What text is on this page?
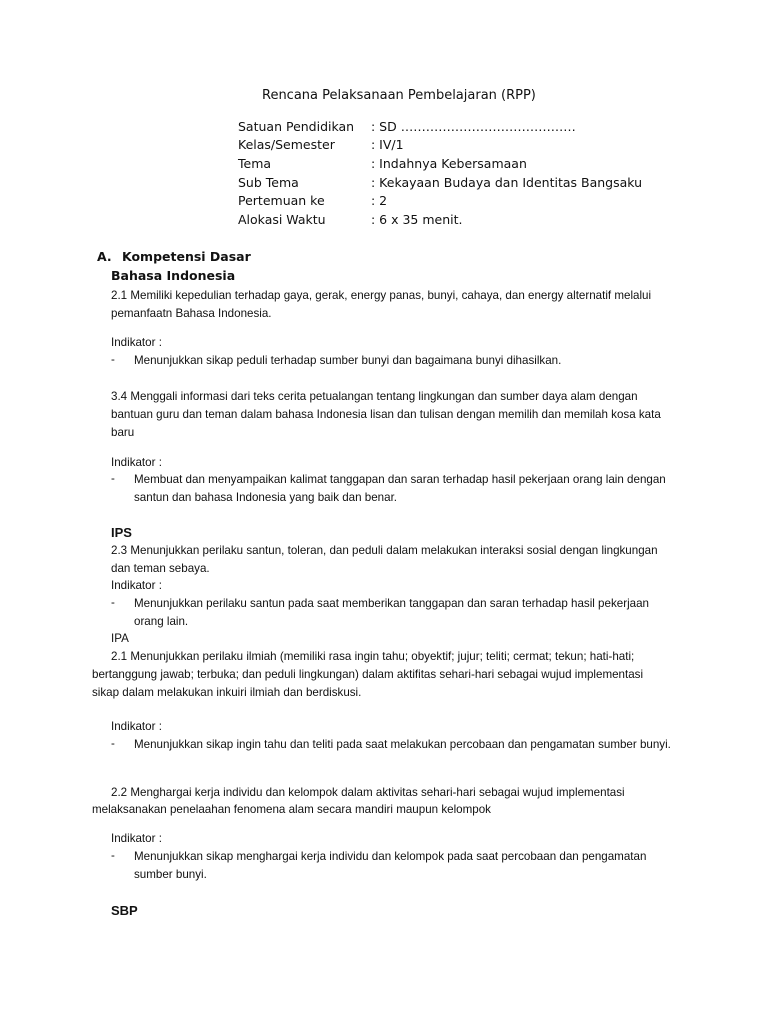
Rencana Pelaksanaan Pembelajaran (RPP)
Satuan Pendidikan : SD ……………………………………
Kelas/Semester	: IV/1
Tema	: Indahnya Kebersamaan
Sub Tema	: Kekayaan Budaya dan Identitas Bangsaku
Pertemuan ke	: 2
Alokasi Waktu	: 6 x 35 menit.
A. Kompetensi Dasar
Bahasa Indonesia
2.1 Memiliki kepedulian terhadap gaya, gerak, energy panas, bunyi, cahaya, dan energy alternatif melalui
pemanfaatn Bahasa Indonesia.
Indikator :
- Menunjukkan sikap peduli terhadap sumber bunyi dan bagaimana bunyi dihasilkan.
3.4 Menggali informasi dari teks cerita petualangan tentang lingkungan dan sumber daya alam dengan
bantuan guru dan teman dalam bahasa Indonesia lisan dan tulisan dengan memilih dan memilah kosa kata
baru
Indikator :
- Membuat dan menyampaikan kalimat tanggapan dan saran terhadap hasil pekerjaan orang lain dengan
santun dan bahasa Indonesia yang baik dan benar.
IPS
2.3 Menunjukkan perilaku santun, toleran, dan peduli dalam melakukan interaksi sosial dengan lingkungan
dan teman sebaya.
Indikator :
- Menunjukkan perilaku santun pada saat memberikan tanggapan dan saran terhadap hasil pekerjaan
orang lain.
IPA
2.1 Menunjukkan perilaku ilmiah (memiliki rasa ingin tahu; obyektif; jujur; teliti; cermat; tekun; hati-hati;
bertanggung jawab; terbuka; dan peduli lingkungan) dalam aktifitas sehari-hari sebagai wujud implementasi
sikap dalam melakukan inkuiri ilmiah dan berdiskusi.
Indikator :
- Menunjukkan sikap ingin tahu dan teliti pada saat melakukan percobaan dan pengamatan sumber bunyi.
2.2 Menghargai kerja individu dan kelompok dalam aktivitas sehari-hari sebagai wujud implementasi
melaksanakan penelaahan fenomena alam secara mandiri maupun kelompok
Indikator :
- Menunjukkan sikap menghargai kerja individu dan kelompok pada saat percobaan dan pengamatan
sumber bunyi.
SBP
